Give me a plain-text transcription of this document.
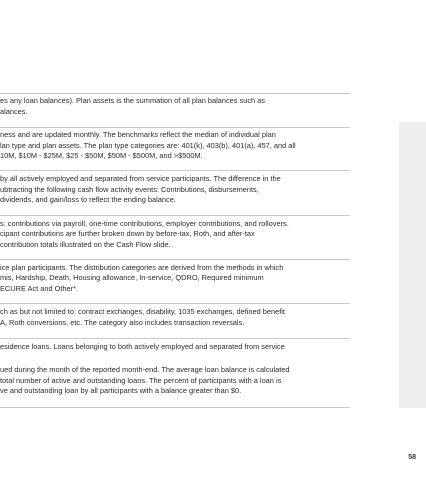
es any loan balances). Plan assets is the summation of all plan balances such as
alances.

ness and are updated monthly. The benchmarks reflect the median of individual plan
lan type and plan assets. The plan type categories are: 401(k), 403(b), 401(a), 457, and all
10M, $10M - $25M, $25 - $50M, $50M - $500M, and >$500M.

by all actively employed and separated from service participants. The difference in the
ubtracting the following cash flow activity events: Contributions, disbursements,
dividends, and gain/loss to reflect the ending balance.

s: contributions via payroll, one-time contributions, employer contributions, and rollovers.
cipant contributions are further broken down by before-tax, Roth, and after-tax
contribution totals illustrated on the Cash Flow slide.

ice plan participants. The distribution categories are derived from the methods in which
mis, Hardship, Death, Housing allowance, In-service, QDRO, Required minimum
ECURE Act and Other*.

ch as but not limited to: contract exchanges, disability, 1035 exchanges, defined benefit
A, Roth conversions, etc. The category also includes transaction reversals.

esidence loans. Loans belonging to both actively employed and separated from service

ued during the month of the reported month-end. The average loan balance is calculated
total number of active and outstanding loans. The percent of participants with a loan is
ve and outstanding loan by all participants with a balance greater than $0.

58
